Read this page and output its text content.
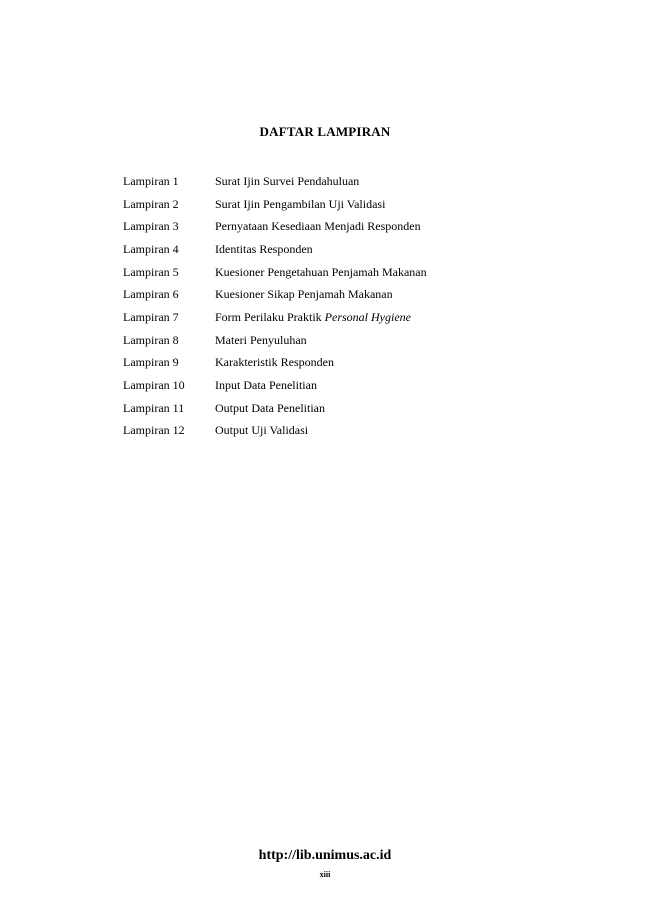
DAFTAR LAMPIRAN
Lampiran 1	Surat Ijin Survei Pendahuluan
Lampiran 2	Surat Ijin Pengambilan Uji Validasi
Lampiran 3	Pernyataan Kesediaan Menjadi Responden
Lampiran 4	Identitas Responden
Lampiran 5	Kuesioner Pengetahuan Penjamah Makanan
Lampiran 6	Kuesioner Sikap Penjamah Makanan
Lampiran 7	Form Perilaku Praktik Personal Hygiene
Lampiran 8	Materi Penyuluhan
Lampiran 9	Karakteristik Responden
Lampiran 10	Input Data Penelitian
Lampiran 11	Output Data Penelitian
Lampiran 12	Output Uji Validasi
http://lib.unimus.ac.id
xiii
